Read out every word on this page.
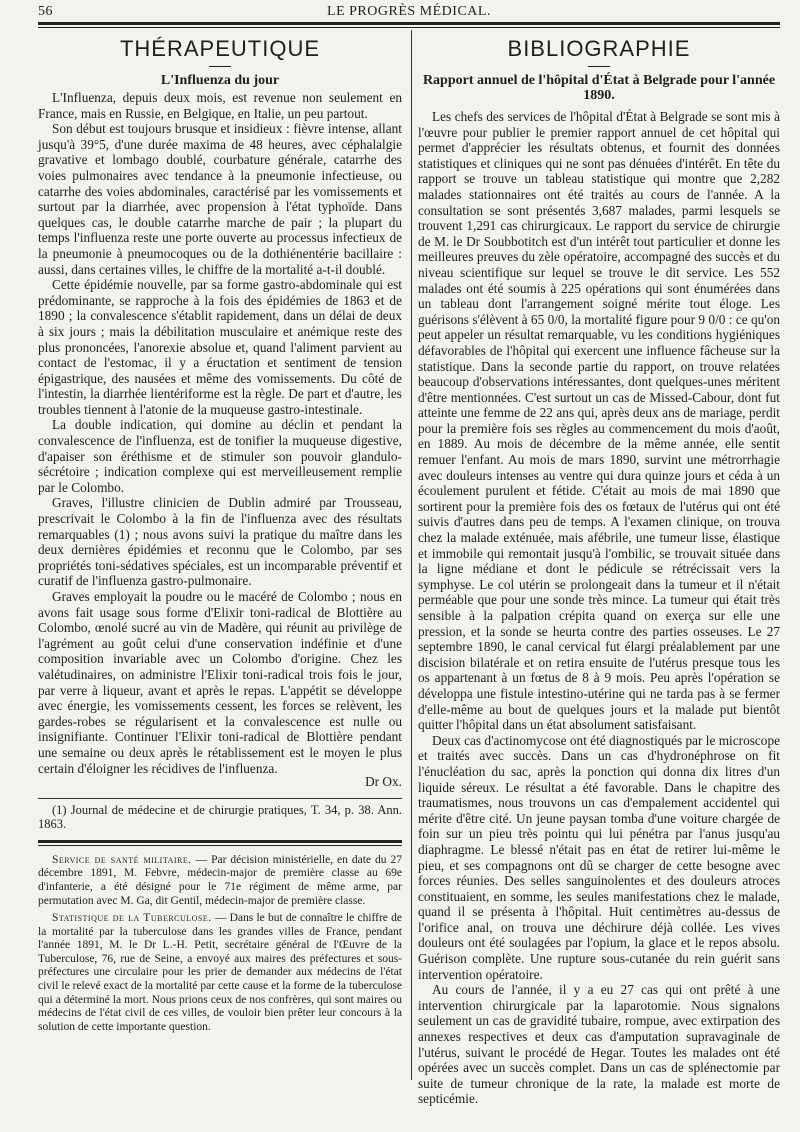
56	LE PROGRÈS MÉDICAL.
THÉRAPEUTIQUE
L'Influenza du jour

L'Influenza, depuis deux mois, est revenue non seulement en France, mais en Russie, en Belgique, en Italie, un peu partout.

Son début est toujours brusque et insidieux : fièvre intense, allant jusqu'à 39°5, d'une durée maxima de 48 heures, avec céphalalgie gravative et lombago doublé, courbature générale, catarrhe des voies pulmonaires avec tendance à la pneumonie infectieuse, ou catarrhe des voies abdominales, caractérisé par les vomissements et surtout par la diarrhée, avec propension à l'état typhoïde. Dans quelques cas, le double catarrhe marche de pair ; la plupart du temps l'influenza reste une porte ouverte au processus infectieux de la pneumonie à pneumocoques ou de la dothiénentérie bacillaire : aussi, dans certaines villes, le chiffre de la mortalité a-t-il doublé.

Cette épidémie nouvelle, par sa forme gastro-abdominale qui est prédominante, se rapproche à la fois des épidémies de 1863 et de 1890 ; la convalescence s'établit rapidement, dans un délai de deux à six jours ; mais la débilitation musculaire et anémique reste des plus prononcées, l'anorexie absolue et, quand l'aliment parvient au contact de l'estomac, il y a éructation et sentiment de tension épigastrique, des nausées et même des vomissements. Du côté de l'intestin, la diarrhée lientériforme est la règle. De part et d'autre, les troubles tiennent à l'atonie de la muqueuse gastro-intestinale.

La double indication, qui domine au déclin et pendant la convalescence de l'influenza, est de tonifier la muqueuse digestive, d'apaiser son éréthisme et de stimuler son pouvoir glandulo-sécrétoire ; indication complexe qui est merveilleusement remplie par le Colombo.

Graves, l'illustre clinicien de Dublin admiré par Trousseau, prescrivait le Colombo à la fin de l'influenza avec des résultats remarquables (1) ; nous avons suivi la pratique du maître dans les deux dernières épidémies et reconnu que le Colombo, par ses propriétés toni-sédatives spéciales, est un incomparable préventif et curatif de l'influenza gastro-pulmonaire.

Graves employait la poudre ou le macéré de Colombo ; nous en avons fait usage sous forme d'Elixir toni-radical de Blottière au Colombo, œnolé sucré au vin de Madère, qui réunit au privilège de l'agrément au goût celui d'une conservation indéfinie et d'une composition invariable avec un Colombo d'origine. Chez les valétudinaires, on administre l'Elixir toni-radical trois fois le jour, par verre à liqueur, avant et après le repas. L'appétit se développe avec énergie, les vomissements cessent, les forces se relèvent, les gardes-robes se régularisent et la convalescence est nulle ou insignifiante. Continuer l'Elixir toni-radical de Blottière pendant une semaine ou deux après le rétablissement est le moyen le plus certain d'éloigner les récidives de l'influenza.

Dr Ox.

(1) Journal de médecine et de chirurgie pratiques, T. 34, p. 38. Ann. 1863.

Service de santé militaire. — Par décision ministérielle, en date du 27 décembre 1891, M. Febvre, médecin-major de première classe au 69e d'infanterie, a été désigné pour le 71e régiment de même arme, par permutation avec M. Ga, dit Gentil, médecin-major de première classe.

Statistique de la Tuberculose. — Dans le but de connaître le chiffre de la mortalité par la tuberculose dans les grandes villes de France, pendant l'année 1891, M. le Dr L.-H. Petit, secrétaire général de l'Œuvre de la Tuberculose, 76, rue de Seine, a envoyé aux maires des préfectures et sous-préfectures une circulaire pour les prier de demander aux médecins de l'état civil le relevé exact de la mortalité par cette cause et la forme de la tuberculose qui a déterminé la mort. Nous prions ceux de nos confrères, qui sont maires ou médecins de l'état civil de ces villes, de vouloir bien prêter leur concours à la solution de cette importante question.

BIBLIOGRAPHIE
Rapport annuel de l'hôpital d'État à Belgrade pour l'année 1890.

Les chefs des services de l'hôpital d'État à Belgrade se sont mis à l'œuvre pour publier le premier rapport annuel de cet hôpital qui permet d'apprécier les résultats obtenus, et fournit des données statistiques et cliniques qui ne sont pas dénuées d'intérêt. En tête du rapport se trouve un tableau statistique qui montre que 2,282 malades stationnaires ont été traités au cours de l'année. A la consultation se sont présentés 3,687 malades, parmi lesquels se trouvent 1,291 cas chirurgicaux. Le rapport du service de chirurgie de M. le Dr Soubbotitch est d'un intérêt tout particulier et donne les meilleures preuves du zèle opératoire, accompagné des succès et du niveau scientifique sur lequel se trouve le dit service. Les 552 malades ont été soumis à 225 opérations qui sont énumérées dans un tableau dont l'arrangement soigné mérite tout éloge. Les guérisons s'élèvent à 65 0/0, la mortalité figure pour 9 0/0 : ce qu'on peut appeler un résultat remarquable, vu les conditions hygiéniques défavorables de l'hôpital qui exercent une influence fâcheuse sur la statistique. Dans la seconde partie du rapport, on trouve relatées beaucoup d'observations intéressantes, dont quelques-unes méritent d'être mentionnées. C'est surtout un cas de Missed-Cabour, dont fut atteinte une femme de 22 ans qui, après deux ans de mariage, perdit pour la première fois ses règles au commencement du mois d'août, en 1889. Au mois de décembre de la même année, elle sentit remuer l'enfant. Au mois de mars 1890, survint une métrorrhagie avec douleurs intenses au ventre qui dura quinze jours et céda à un écoulement purulent et fétide. C'était au mois de mai 1890 que sortirent pour la première fois des os fœtaux de l'utérus qui ont été suivis d'autres dans peu de temps. A l'examen clinique, on trouva chez la malade exténuée, mais afébrile, une tumeur lisse, élastique et immobile qui remontait jusqu'à l'ombilic, se trouvait située dans la ligne médiane et dont le pédicule se rétrécissait vers la symphyse. Le col utérin se prolongeait dans la tumeur et il n'était perméable que pour une sonde très mince. La tumeur qui était très sensible à la palpation crépita quand on exerça sur elle une pression, et la sonde se heurta contre des parties osseuses. Le 27 septembre 1890, le canal cervical fut élargi préalablement par une discision bilatérale et on retira ensuite de l'utérus presque tous les os appartenant à un fœtus de 8 à 9 mois. Peu après l'opération se développa une fistule intestino-utérine qui ne tarda pas à se fermer d'elle-même au bout de quelques jours et la malade put bientôt quitter l'hôpital dans un état absolument satisfaisant.

Deux cas d'actinomycose ont été diagnostiqués par le microscope et traités avec succès. Dans un cas d'hydronéphrose on fit l'énucléation du sac, après la ponction qui donna dix litres d'un liquide séreux. Le résultat a été favorable. Dans le chapitre des traumatismes, nous trouvons un cas d'empalement accidentel qui mérite d'être cité. Un jeune paysan tomba d'une voiture chargée de foin sur un pieu très pointu qui lui pénétra par l'anus jusqu'au diaphragme. Le blessé n'était pas en état de retirer lui-même le pieu, et ses compagnons ont dû se charger de cette besogne avec forces réunies. Des selles sanguinolentes et des douleurs atroces constituaient, en somme, les seules manifestations chez le malade, quand il se présenta à l'hôpital. Huit centimètres au-dessus de l'orifice anal, on trouva une déchirure déjà collée. Les vives douleurs ont été soulagées par l'opium, la glace et le repos absolu. Guérison complète. Une rupture sous-cutanée du rein guérit sans intervention opératoire.

Au cours de l'année, il y a eu 27 cas qui ont prêté à une intervention chirurgicale par la laparotomie. Nous signalons seulement un cas de gravidité tubaire, rompue, avec extirpation des annexes respectives et deux cas d'amputation supravaginale de l'utérus, suivant le procédé de Hegar. Toutes les malades ont été opérées avec un succès complet. Dans un cas de splénectomie par suite de tumeur chronique de la rate, la malade est morte de septicémie.
